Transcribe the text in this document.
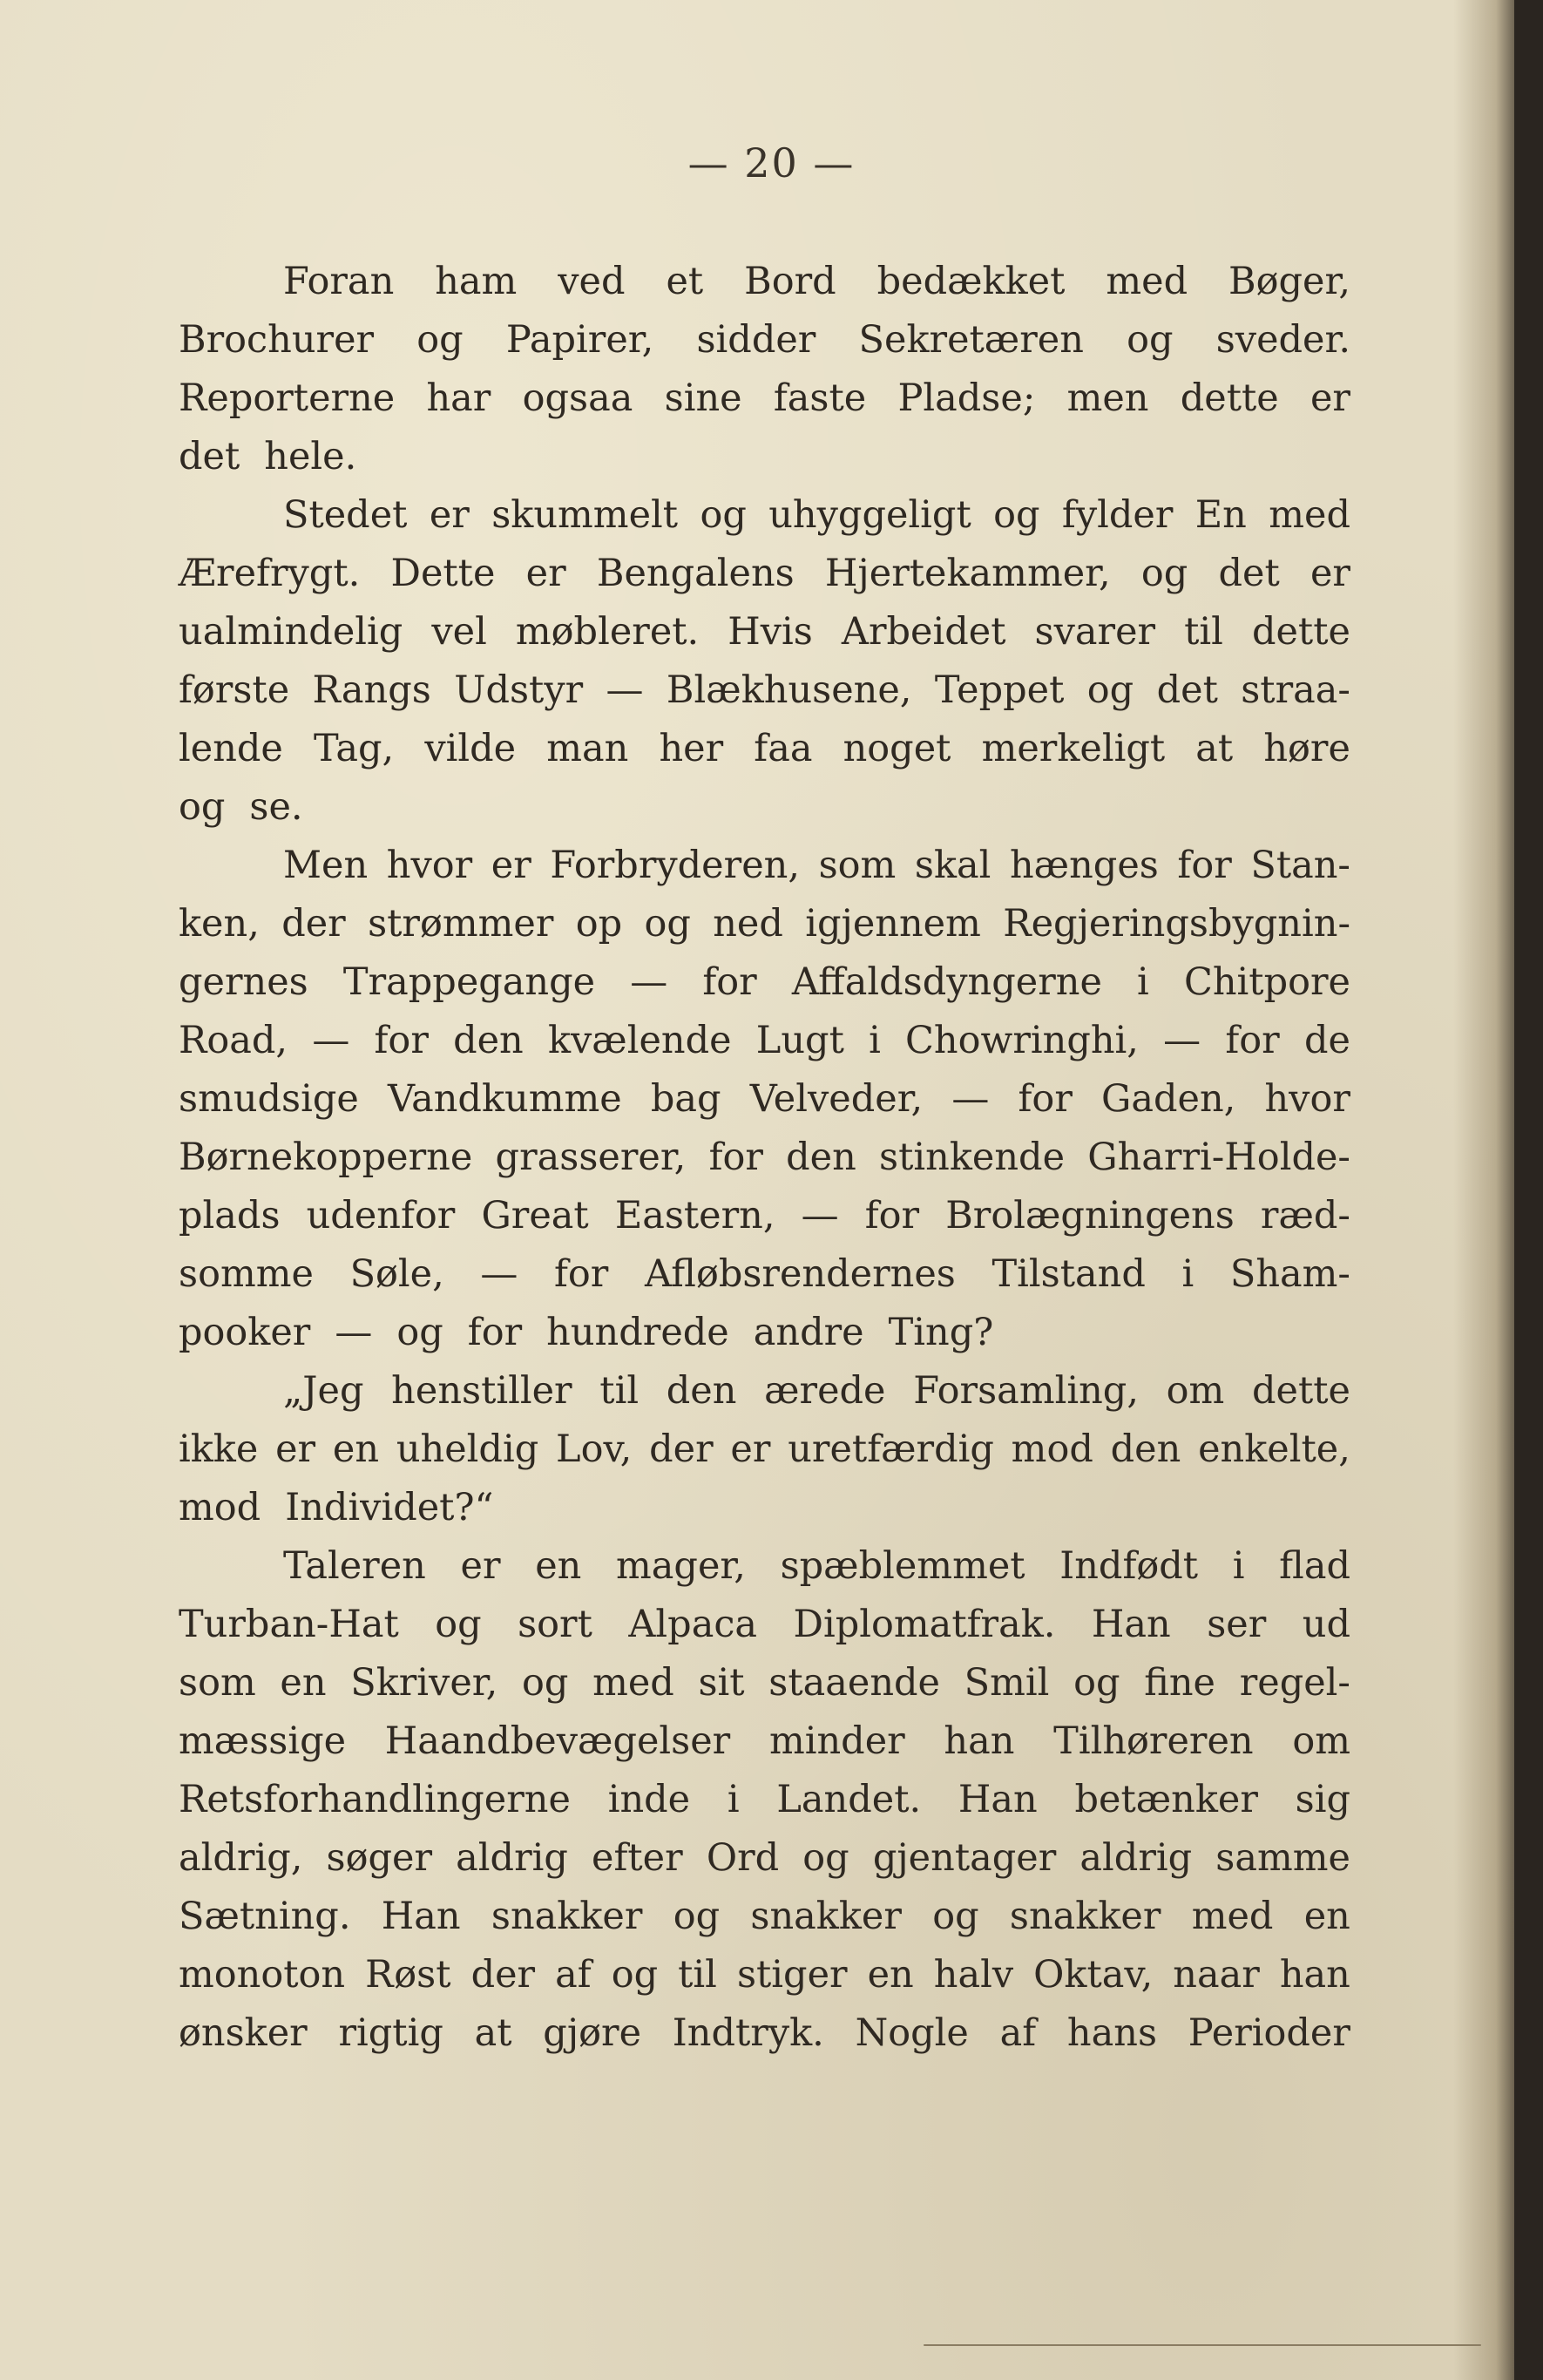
— 20 —
Foran ham ved et Bord bedækket med Bøger,
Brochurer og Papirer, sidder Sekretæren og sveder.
Reporterne har ogsaa sine faste Pladse; men dette er
det hele.
Stedet er skummelt og uhyggeligt og fylder En med
Ærefrygt. Dette er Bengalens Hjertekammer, og det er
ualmindelig vel møbleret. Hvis Arbeidet svarer til dette
første Rangs Udstyr — Blækhusene, Teppet og det straa-
lende Tag, vilde man her faa noget merkeligt at høre
og se.
Men hvor er Forbryderen, som skal hænges for Stan-
ken, der strømmer op og ned igjennem Regjeringsbygnin-
gernes Trappegange — for Affaldsdyngerne i Chitpore
Road, — for den kvælende Lugt i Chowringhi, — for de
smudsige Vandkumme bag Velveder, — for Gaden, hvor
Børnekopperne grasserer, for den stinkende Gharri-Holde-
plads udenfor Great Eastern, — for Brolægningens ræd-
somme Søle, — for Afløbsrendernes Tilstand i Sham-
pooker — og for hundrede andre Ting?
„Jeg henstiller til den ærede Forsamling, om dette
ikke er en uheldig Lov, der er uretfærdig mod den enkelte,
mod Individet?“
Taleren er en mager, spæblemmet Indfødt i flad
Turban-Hat og sort Alpaca Diplomatfrak. Han ser ud
som en Skriver, og med sit staaende Smil og fine regel-
mæssige Haandbevægelser minder han Tilhøreren om
Retsforhandlingerne inde i Landet. Han betænker sig
aldrig, søger aldrig efter Ord og gjentager aldrig samme
Sætning. Han snakker og snakker og snakker med en
monoton Røst der af og til stiger en halv Oktav, naar han
ønsker rigtig at gjøre Indtryk. Nogle af hans Perioder
